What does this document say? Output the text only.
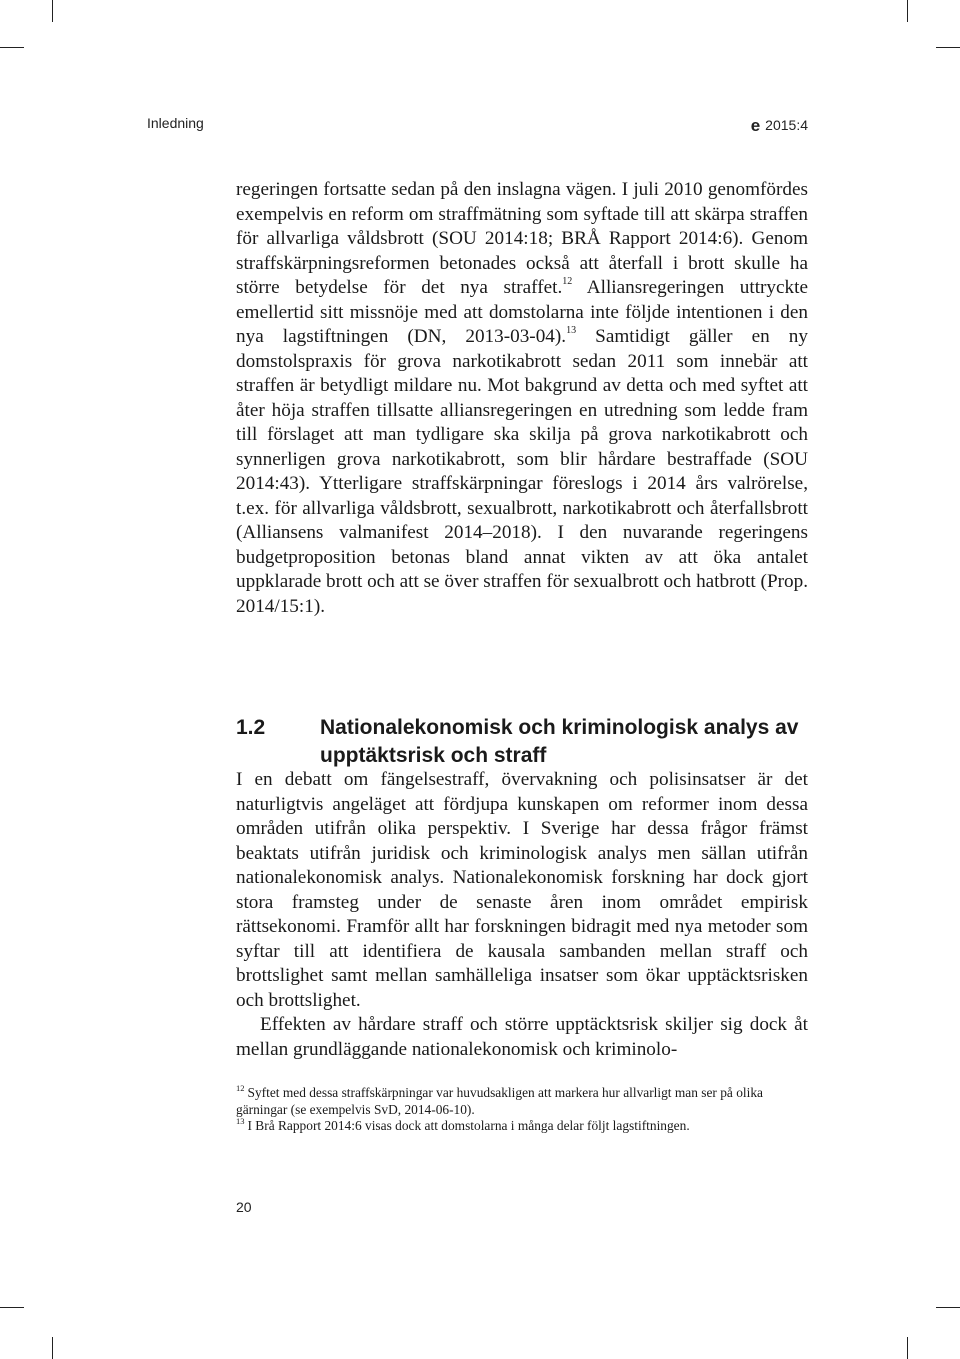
Inledning	e 2015:4

regeringen fortsatte sedan på den inslagna vägen. I juli 2010 genomfördes exempelvis en reform om straffmätning som syftade till att skärpa straffen för allvarliga våldsbrott (SOU 2014:18; BRÅ Rapport 2014:6). Genom straffskärpningsreformen betonades också att återfall i brott skulle ha större betydelse för det nya straffet.$^{12}$ Alliansregeringen uttryckte emellertid sitt missnöje med att domstolarna inte följde intentionen i den nya lagstiftningen (DN, 2013-03-04).$^{13}$ Samtidigt gäller en ny domstolspraxis för grova narkotikabrott sedan 2011 som innebär att straffen är betydligt mildare nu. Mot bakgrund av detta och med syftet att åter höja straffen tillsatte alliansregeringen en utredning som ledde fram till förslaget att man tydligare ska skilja på grova narkotikabrott och synnerligen grova narkotikabrott, som blir hårdare bestraffade (SOU 2014:43). Ytterligare straffskärpningar föreslogs i 2014 års valrörelse, t.ex. för allvarliga våldsbrott, sexualbrott, narkotikabrott och återfallsbrott (Alliansens valmanifest 2014–2018). I den nuvarande regeringens budgetproposition betonas bland annat vikten av att öka antalet uppklarade brott och att se över straffen för sexualbrott och hatbrott (Prop. 2014/15:1).

1.2	Nationalekonomisk och kriminologisk analys av upptäktsrisk och straff

I en debatt om fängelsestraff, övervakning och polisinsatser är det naturligtvis angeläget att fördjupa kunskapen om reformer inom dessa områden utifrån olika perspektiv. I Sverige har dessa frågor främst beaktats utifrån juridisk och kriminologisk analys men sällan utifrån nationalekonomisk analys. Nationalekonomisk forskning har dock gjort stora framsteg under de senaste åren inom området empirisk rättsekonomi. Framför allt har forskningen bidragit med nya metoder som syftar till att identifiera de kausala sambanden mellan straff och brottslighet samt mellan samhälleliga insatser som ökar upptäcktsrisken och brottslighet.

Effekten av hårdare straff och större upptäcktsrisk skiljer sig dock åt mellan grundläggande nationalekonomisk och kriminolo-

$^{12}$ Syftet med dessa straffskärpningar var huvudsakligen att markera hur allvarligt man ser på olika gärningar (se exempelvis SvD, 2014-06-10).

$^{13}$ I Brå Rapport 2014:6 visas dock att domstolarna i många delar följt lagstiftningen.

20
